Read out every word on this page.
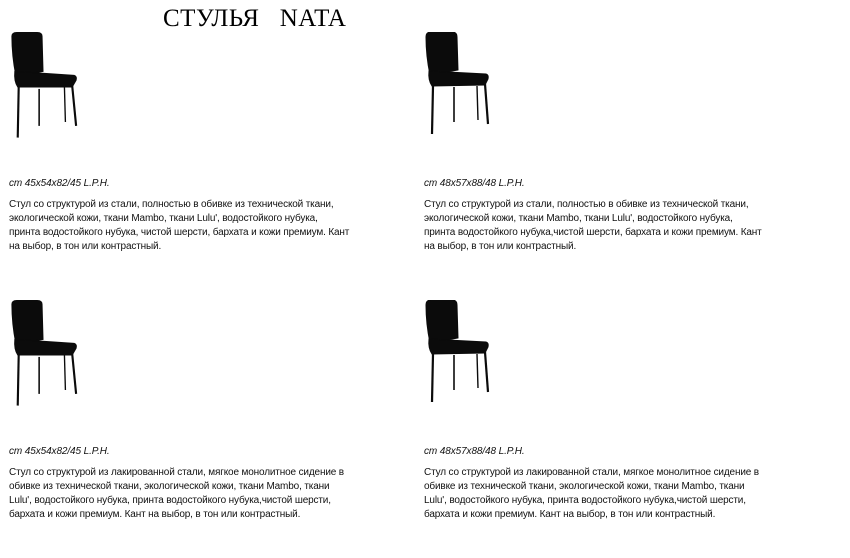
СТУЛЬЯ   NATA
cm 45x54x82/45 L.P.H.

Стул со структурой из стали, полностью в обивке из технической ткани,
экологической кожи, ткани Mambo, ткани Lulu', водостойкого нубука,
принта водостойкого нубука, чистой шерсти, бархата и кожи премиум. Кант
на выбор, в тон или контрастный.

cm 48x57x88/48 L.P.H.

Стул со структурой из стали, полностью в обивке из технической ткани,
экологической кожи, ткани Mambo, ткани Lulu', водостойкого нубука,
принта водостойкого нубука,чистой шерсти, бархата и кожи премиум. Кант
на выбор, в тон или контрастный.

cm 45x54x82/45 L.P.H.

Стул со структурой из лакированной стали, мягкое монолитное сидение в
обивке из технической ткани, экологической кожи, ткани Mambo, ткани
Lulu', водостойкого нубука, принта водостойкого нубука,чистой шерсти,
бархата и кожи премиум. Кант на выбор, в тон или контрастный.

cm 48x57x88/48 L.P.H.

Стул со структурой из лакированной стали, мягкое монолитное сидение в
обивке из технической ткани, экологической кожи, ткани Mambo, ткани
Lulu', водостойкого нубука, принта водостойкого нубука,чистой шерсти,
бархата и кожи премиум. Кант на выбор, в тон или контрастный.
